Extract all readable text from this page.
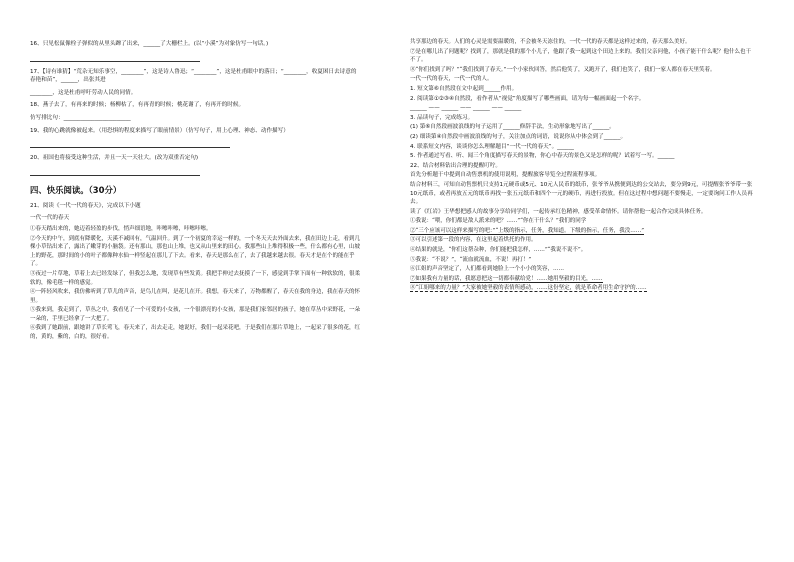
16、只见松鼠像栓子弹似的从里头蹿了出来，______了大栅栏上。(以“小溪”为对象仿写一句话。)
17、【诗有谁猜】“荒杂无知乐事空，________”，这是诗人鲁迅；“________”，这是杜甫眼中的落日；“________，收夏困日去诗意的春艳和苗”，______，出张其进
________，这是杜甫呼吁劳动人民的同情。
18、燕子去了，有再来的时候；杨柳枯了，有再青的时候；桃花谢了，有再开的时候。
仿写排比句：________________________
19、我的心跳就像被起来。（用恐惧的程度来描写了眼前情景）（仿写句子，用上心理、神态、动作描写）
20、祖国也将接受这种生活，并且一天一天壮大。(改为双重否定句)
四、快乐阅读。（30分）
21、阅读《一代一代的春天》，完成以下小题
一代一代的春天
①春天踏出来的，她迈着轻盈的步伐，悄声细语地，咔嚓咔嚓，咔嚓咔嚓。
②今天的中午，到底有降暖化，天溪不减回有，气温回升。到了一个初夏的幸运一样的，一个冬天天去外面去来，我在田边上走，看到几棵小草钻出来了，露出了嫩芽的小脑袋。还有那山，那也山上堆，也又从山里来的田心。我那些山上堆得积极一些，什么都有心里，山坡上的野花，那时间的小的叶子都像种水仙一样竖起在那儿了下去。看来，春天是那么在了，去了我越来越去很。春天才是在个的能在乎了。
③夜过一片草地，草着上去已经发绿了，但我怎么地，发现草有些发黄。我把手伸过去抚摸了一下，感觉到手掌下面有一种软软的，很柔软的，像毛毯一样的感觉。
④一阵轻风吹来，我仿佛听到了草儿的声音，是鸟儿在叫，是花儿在开。我想，春天来了，万物都醒了，春天在我的身边，我在春天的怀里。
⑤我来到，我走到了，草丛之中，我看见了一个可爱的小女孩，一个很漂亮的小女孩，那是我们家邻居的孩子，她在草丛中采野花，一朵一朵的，手里已经拿了一大把了。
⑥我到了她跟前，跟她讲了草长莺飞，春天来了，出去走走，她说好，我们一起采花吧，于是我们在那片草地上，一起采了很多的花，红的，黄的，紫的，白的，很好看。
共享那边的春天。人们的心灵是需要温暖的，不会被冬天冻住的，一代一代的春天都是这样过来的，春天那么美好。
⑦是在哪儿出了问题呢？找到了，那就是我的那个小儿子，他跟了我一起到这个田边上来的。我们父亲问他，小孩子能干什么呢？他什么也干不了。
⑧“你们找到了吗？”“我们找到了春天。”一个小家伙回答，然后他笑了，又跑开了，我们也笑了，我们一家人都在春天里笑着。
一代一代的春天，一代一代的人。
1. 短文第⑥自然段在文中起到______作用。
2. 阅读第①②③④自然段，看作者从“视觉”角度描写了哪些画面，请为每一幅画面起一个名字。
______ —— ______ —— ______ —— ______
3. 品读句子，完成练习。
(1) 第⑥自然段画波浪线的句子运用了______修辞手法，生动形象地写出了______。
(2) 细读第④自然段中画波浪线的句子，关注加点的词语，说说你从中体会到了______。
4. 联系短文内容，谈谈你怎么理解题目“一代一代的春天”。______
5. 作者通过写看、听、闻三个角度描写春天的景物，你心中春天的景色又是怎样的呢？试着写一写。______
22、结合材料钻出合理的提醒叮咛。
首先分析题干中提到自动售票机的使用说明，提醒旅客导览全过程流程事项。
结合材料三，可知自动售票机只支持1元硬币或5元、10元人民币的纸币，张爷爷从携便到达的公交站去，要分到9元，可提醒张爷爷带一张10元纸币，或者再放五元的纸币再找一张五元纸币和四个一元的硬币，再进行投放。但在这过程中想问题不要慢走，一定要询问工作人员再去。
读了《红岩》王华想把感人的故事分享给同学们，一起传承红色精神，感受革命情怀。请你帮他一起合作完成具体任务。
①我说：“喂，你们都是敌人派来的吧？……”“你在干什么？”我们的同学
②“三个应该可以这样来描写的吧：”“上级的指示，任务，我知道。下级的指示，任务，我没……”
③可以引述第一段的内容，在这里起着烘托的作用。
④结果的就是，“你们这帮杂种，你们能把我怎样，……”“我说不说不”。
⑤我说：“不说？”，“流血就流血，不说！再打！”
⑥江姐的声音坚定了，人们都看到她脸上一个小小的笑容，……
⑦如果我有力量的话，我愿意把这一切都奉献给党！……她用坚毅的目光，……
⑧“江姐哪来的力量？”大家被她坚毅的表情所感动，……这份坚定，就是革命者用生命守护的……
